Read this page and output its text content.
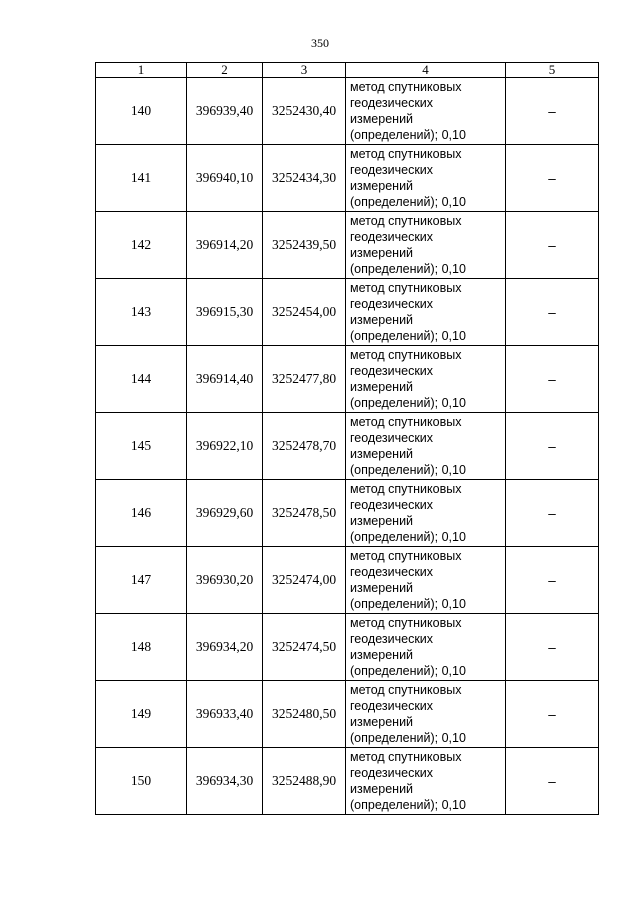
350
1	2	3	4	5
140	396939,40	3252430,40	метод спутниковых
геодезических
измерений
(определений); 0,10	–
141	396940,10	3252434,30	метод спутниковых
геодезических
измерений
(определений); 0,10	–
142	396914,20	3252439,50	метод спутниковых
геодезических
измерений
(определений); 0,10	–
143	396915,30	3252454,00	метод спутниковых
геодезических
измерений
(определений); 0,10	–
144	396914,40	3252477,80	метод спутниковых
геодезических
измерений
(определений); 0,10	–
145	396922,10	3252478,70	метод спутниковых
геодезических
измерений
(определений); 0,10	–
146	396929,60	3252478,50	метод спутниковых
геодезических
измерений
(определений); 0,10	–
147	396930,20	3252474,00	метод спутниковых
геодезических
измерений
(определений); 0,10	–
148	396934,20	3252474,50	метод спутниковых
геодезических
измерений
(определений); 0,10	–
149	396933,40	3252480,50	метод спутниковых
геодезических
измерений
(определений); 0,10	–
150	396934,30	3252488,90	метод спутниковых
геодезических
измерений
(определений); 0,10	–
